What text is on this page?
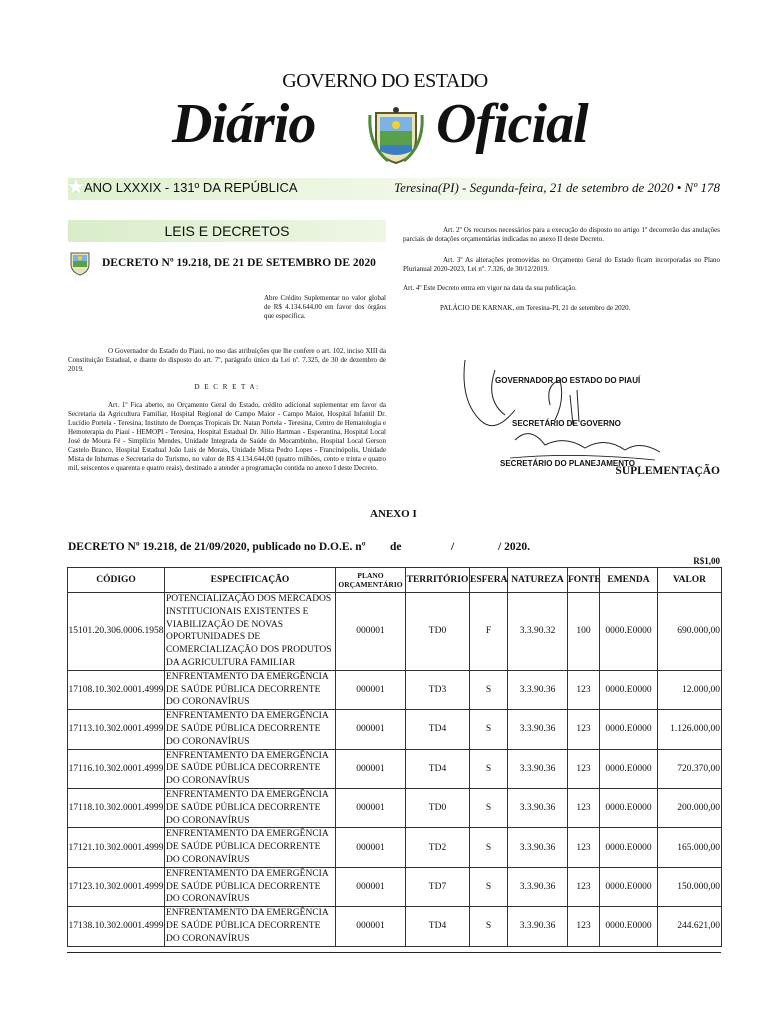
GOVERNO DO ESTADO
Diário Oficial
★
ANO LXXXIX - 131º DA REPÚBLICA	Teresina(PI) - Segunda-feira, 21 de setembro de 2020 • Nº 178
LEIS E DECRETOS
DECRETO Nº 19.218, DE 21 DE SETEMBRO DE 2020
Abre Crédito Suplementar no valor global de R$ 4.134.644,00 em favor dos órgãos que específica.
O Governador do Estado do Piauí, no uso das atribuições que lhe confere o art. 102, inciso XIII da Constituição Estadual, e diante do disposto do art. 7º, parágrafo único da Lei nº. 7.325, de 30 de dezembro de 2019.
D E C R E T A:
Art. 1º Fica aberto, no Orçamento Geral do Estado, crédito adicional suplementar em favor da Secretaria da Agricultura Familiar, Hospital Regional de Campo Maior - Campo Maior, Hospital Infantil Dr. Lucídio Portela - Teresina, Instituto de Doenças Tropicais Dr. Natan Portela - Teresina, Centro de Hematologia e Hemoterapia do Piauí - HEMOPI - Teresina, Hospital Estadual Dr. Júlio Hartman - Esperantina, Hospital Local José de Moura Fé - Simplício Mendes, Unidade Integrada de Saúde do Mocambinho, Hospital Local Gerson Castelo Branco, Hospital Estadual João Luis de Morais, Unidade Mista Pedro Lopes - Francinópolis, Unidade Mista de Inhumas e Secretaria do Turismo, no valor de R$ 4.134.644,00 (quatro milhões, cento e trinta e quatro mil, seiscentos e quarenta e quatro reais), destinado a atender a programação contida no anexo I deste Decreto.
Art. 2º Os recursos necessários para a execução do disposto no artigo 1º decorrerão das anulações parciais de dotações orçamentárias indicadas no anexo II deste Decreto.
Art. 3º As alterações promovidas no Orçamento Geral do Estado ficam incorporadas no Plano Plurianual 2020-2023, Lei nº. 7.326, de 30/12/2019.
Art. 4º Este Decreto entra em vigor na data da sua publicação.
PALÁCIO DE KARNAK, em Teresina-PI, 21 de setembro de 2020.
GOVERNADOR DO ESTADO DO PIAUÍ
SECRETÁRIO DE GOVERNO
SECRETÁRIO DO PLANEJAMENTO
SUPLEMENTAÇÃO
ANEXO I
DECRETO Nº 19.218, de 21/09/2020, publicado no D.O.E. nº de	/	/ 2020.
R$1,00
CÓDIGO	ESPECIFICAÇÃO	PLANO ORÇAMENTÁRIO	TERRITÓRIO	ESFERA	NATUREZA	FONTE	EMENDA	VALOR
15101.20.306.0006.1958	POTENCIALIZAÇÃO DOS MERCADOS INSTITUCIONAIS EXISTENTES E VIABILIZAÇÃO DE NOVAS OPORTUNIDADES DE COMERCIALIZAÇÃO DOS PRODUTOS DA AGRICULTURA FAMILIAR	000001	TD0	F	3.3.90.32	100	0000.E0000	690.000,00
17108.10.302.0001.4999	ENFRENTAMENTO DA EMERGÊNCIA DE SAÚDE PÚBLICA DECORRENTE DO CORONAVÍRUS	000001	TD3	S	3.3.90.36	123	0000.E0000	12.000,00
17113.10.302.0001.4999	ENFRENTAMENTO DA EMERGÊNCIA DE SAÚDE PÚBLICA DECORRENTE DO CORONAVÍRUS	000001	TD4	S	3.3.90.36	123	0000.E0000	1.126.000,00
17116.10.302.0001.4999	ENFRENTAMENTO DA EMERGÊNCIA DE SAÚDE PÚBLICA DECORRENTE DO CORONAVÍRUS	000001	TD4	S	3.3.90.36	123	0000.E0000	720.370,00
17118.10.302.0001.4999	ENFRENTAMENTO DA EMERGÊNCIA DE SAÚDE PÚBLICA DECORRENTE DO CORONAVÍRUS	000001	TD0	S	3.3.90.36	123	0000.E0000	200.000,00
17121.10.302.0001.4999	ENFRENTAMENTO DA EMERGÊNCIA DE SAÚDE PÚBLICA DECORRENTE DO CORONAVÍRUS	000001	TD2	S	3.3.90.36	123	0000.E0000	165.000,00
17123.10.302.0001.4999	ENFRENTAMENTO DA EMERGÊNCIA DE SAÚDE PÚBLICA DECORRENTE DO CORONAVÍRUS	000001	TD7	S	3.3.90.36	123	0000.E0000	150.000,00
17138.10.302.0001.4999	ENFRENTAMENTO DA EMERGÊNCIA DE SAÚDE PÚBLICA DECORRENTE DO CORONAVÍRUS	000001	TD4	S	3.3.90.36	123	0000.E0000	244.621,00
